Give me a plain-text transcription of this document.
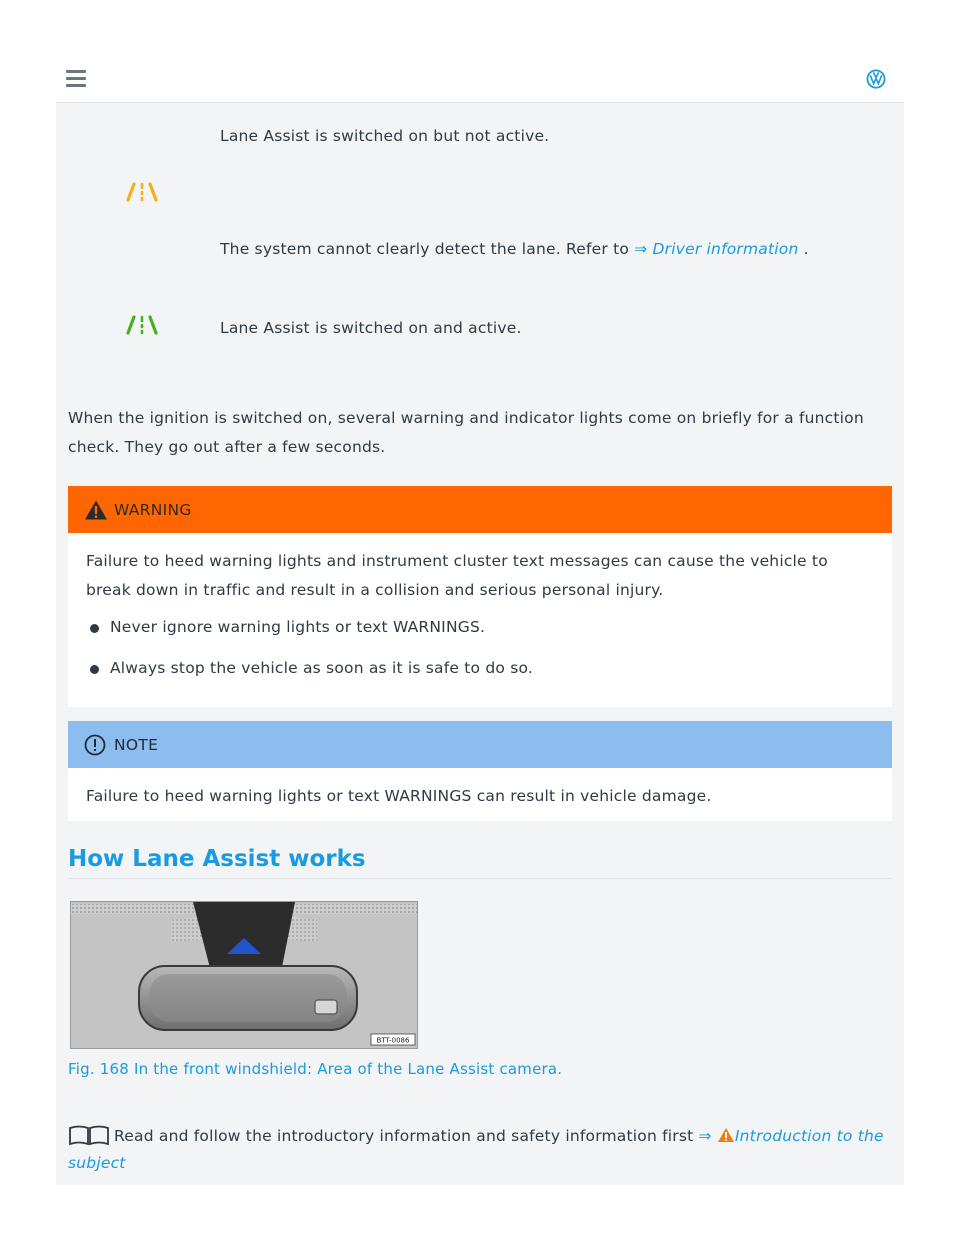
Lane Assist is switched on but not active.
The system cannot clearly detect the lane. Refer to ⇒ Driver information .
Lane Assist is switched on and active.
When the ignition is switched on, several warning and indicator lights come on briefly for a function check. They go out after a few seconds.
WARNING
Failure to heed warning lights and instrument cluster text messages can cause the vehicle to break down in traffic and result in a collision and serious personal injury.
Never ignore warning lights or text WARNINGS.
Always stop the vehicle as soon as it is safe to do so.
NOTE
Failure to heed warning lights or text WARNINGS can result in vehicle damage.
How Lane Assist works
BTT-0086
Fig. 168 In the front windshield: Area of the Lane Assist camera.
Read and follow the introductory information and safety information first ⇒ Introduction to the subject
